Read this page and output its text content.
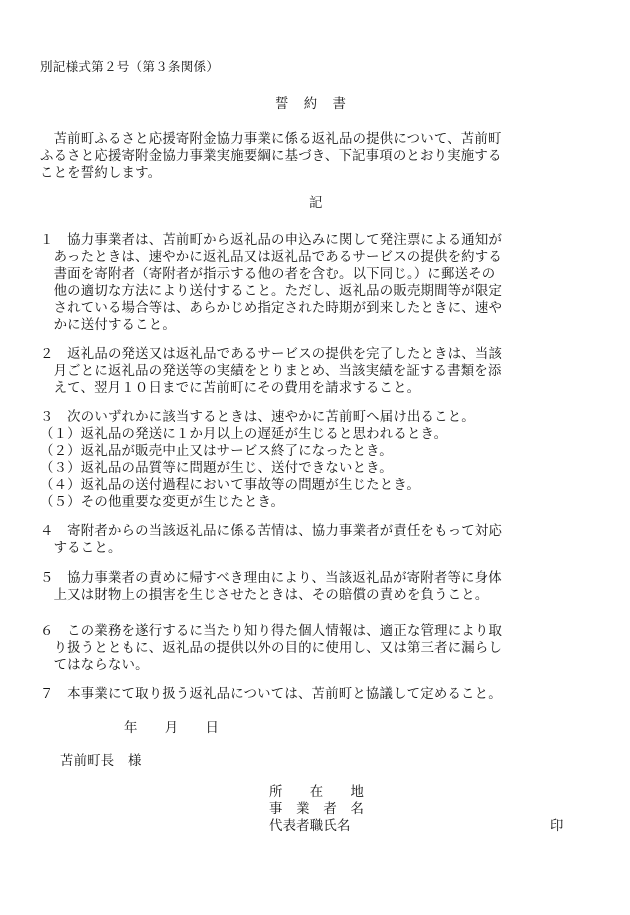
別記様式第２号（第３条関係）
誓　約　書
　苫前町ふるさと応援寄附金協力事業に係る返礼品の提供について、苫前町
ふるさと応援寄附金協力事業実施要綱に基づき、下記事項のとおり実施する
ことを誓約します。
記
１　協力事業者は、苫前町から返礼品の申込みに関して発注票による通知が
　あったときは、速やかに返礼品又は返礼品であるサービスの提供を約する
　書面を寄附者（寄附者が指示する他の者を含む。以下同じ。）に郵送その
　他の適切な方法により送付すること。ただし、返礼品の販売期間等が限定
　されている場合等は、あらかじめ指定された時期が到来したときに、速や
　かに送付すること。
２　返礼品の発送又は返礼品であるサービスの提供を完了したときは、当該
　月ごとに返礼品の発送等の実績をとりまとめ、当該実績を証する書類を添
　えて、翌月１０日までに苫前町にその費用を請求すること。
３　次のいずれかに該当するときは、速やかに苫前町へ届け出ること。
（１）返礼品の発送に１か月以上の遅延が生じると思われるとき。
（２）返礼品が販売中止又はサービス終了になったとき。
（３）返礼品の品質等に問題が生じ、送付できないとき。
（４）返礼品の送付過程において事故等の問題が生じたとき。
（５）その他重要な変更が生じたとき。
４　寄附者からの当該返礼品に係る苦情は、協力事業者が責任をもって対応
　すること。
５　協力事業者の責めに帰すべき理由により、当該返礼品が寄附者等に身体
　上又は財物上の損害を生じさせたときは、その賠償の責めを負うこと。
６　この業務を遂行するに当たり知り得た個人情報は、適正な管理により取
　り扱うとともに、返礼品の提供以外の目的に使用し、又は第三者に漏らし
　てはならない。
７　本事業にて取り扱う返礼品については、苫前町と協議して定めること。
年　　月　　日
苫前町長　様
所　　在　　地
事　業　者　名
代表者職氏名	印
